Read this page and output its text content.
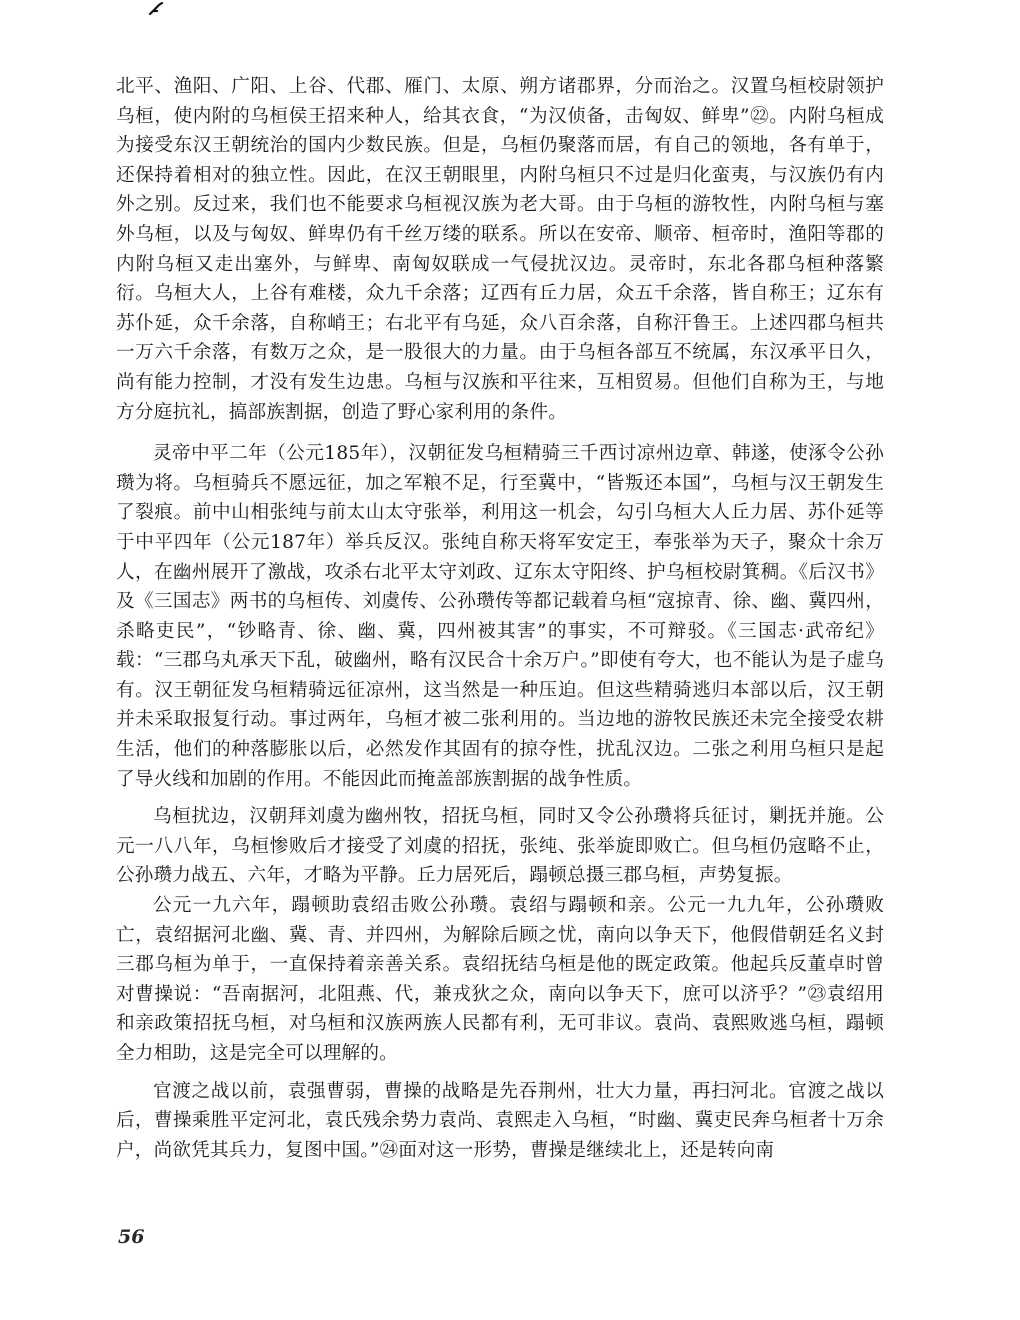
北平、渔阳、广阳、上谷、代郡、雁门、太原、朔方诸郡界，分而治之。汉置乌桓校尉领护乌桓，使内附的乌桓侯王招来种人，给其衣食，“为汉侦备，击匈奴、鲜卑”㉒。内附乌桓成为接受东汉王朝统治的国内少数民族。但是，乌桓仍聚落而居，有自己的领地，各有单于，还保持着相对的独立性。因此，在汉王朝眼里，内附乌桓只不过是归化蛮夷，与汉族仍有内外之别。反过来，我们也不能要求乌桓视汉族为老大哥。由于乌桓的游牧性，内附乌桓与塞外乌桓，以及与匈奴、鲜卑仍有千丝万缕的联系。所以在安帝、顺帝、桓帝时，渔阳等郡的内附乌桓又走出塞外，与鲜卑、南匈奴联成一气侵扰汉边。灵帝时，东北各郡乌桓种落繁衍。乌桓大人，上谷有难楼，众九千余落；辽西有丘力居，众五千余落，皆自称王；辽东有苏仆延，众千余落，自称峭王；右北平有乌延，众八百余落，自称汗鲁王。上述四郡乌桓共一万六千余落，有数万之众，是一股很大的力量。由于乌桓各部互不统属，东汉承平日久，尚有能力控制，才没有发生边患。乌桓与汉族和平往来，互相贸易。但他们自称为王，与地方分庭抗礼，搞部族割据，创造了野心家利用的条件。

灵帝中平二年（公元185年），汉朝征发乌桓精骑三千西讨凉州边章、韩遂，使涿令公孙瓒为将。乌桓骑兵不愿远征，加之军粮不足，行至冀中，“皆叛还本国”，乌桓与汉王朝发生了裂痕。前中山相张纯与前太山太守张举，利用这一机会，勾引乌桓大人丘力居、苏仆延等于中平四年（公元187年）举兵反汉。张纯自称天将军安定王，奉张举为天子，聚众十余万人，在幽州展开了激战，攻杀右北平太守刘政、辽东太守阳终、护乌桓校尉箕稠。《后汉书》及《三国志》两书的乌桓传、刘虞传、公孙瓒传等都记载着乌桓“寇掠青、徐、幽、冀四州，杀略吏民”，“钞略青、徐、幽、冀，四州被其害”的事实，不可辩驳。《三国志·武帝纪》载：“三郡乌丸承天下乱，破幽州，略有汉民合十余万户。”即使有夸大，也不能认为是子虚乌有。汉王朝征发乌桓精骑远征凉州，这当然是一种压迫。但这些精骑逃归本部以后，汉王朝并未采取报复行动。事过两年，乌桓才被二张利用的。当边地的游牧民族还未完全接受农耕生活，他们的种落膨胀以后，必然发作其固有的掠夺性，扰乱汉边。二张之利用乌桓只是起了导火线和加剧的作用。不能因此而掩盖部族割据的战争性质。

乌桓扰边，汉朝拜刘虞为幽州牧，招抚乌桓，同时又令公孙瓒将兵征讨，剿抚并施。公元一八八年，乌桓惨败后才接受了刘虞的招抚，张纯、张举旋即败亡。但乌桓仍寇略不止，公孙瓒力战五、六年，才略为平静。丘力居死后，蹋顿总摄三郡乌桓，声势复振。

公元一九六年，蹋顿助袁绍击败公孙瓒。袁绍与蹋顿和亲。公元一九九年，公孙瓒败亡，袁绍据河北幽、冀、青、并四州，为解除后顾之忧，南向以争天下，他假借朝廷名义封三郡乌桓为单于，一直保持着亲善关系。袁绍抚结乌桓是他的既定政策。他起兵反董卓时曾对曹操说：“吾南据河，北阻燕、代，兼戎狄之众，南向以争天下，庶可以济乎？”㉓袁绍用和亲政策招抚乌桓，对乌桓和汉族两族人民都有利，无可非议。袁尚、袁熙败逃乌桓，蹋顿全力相助，这是完全可以理解的。

官渡之战以前，袁强曹弱，曹操的战略是先吞荆州，壮大力量，再扫河北。官渡之战以后，曹操乘胜平定河北，袁氏残余势力袁尚、袁熙走入乌桓，“时幽、冀吏民奔乌桓者十万余户，尚欲凭其兵力，复图中国。”㉔面对这一形势，曹操是继续北上，还是转向南

56
